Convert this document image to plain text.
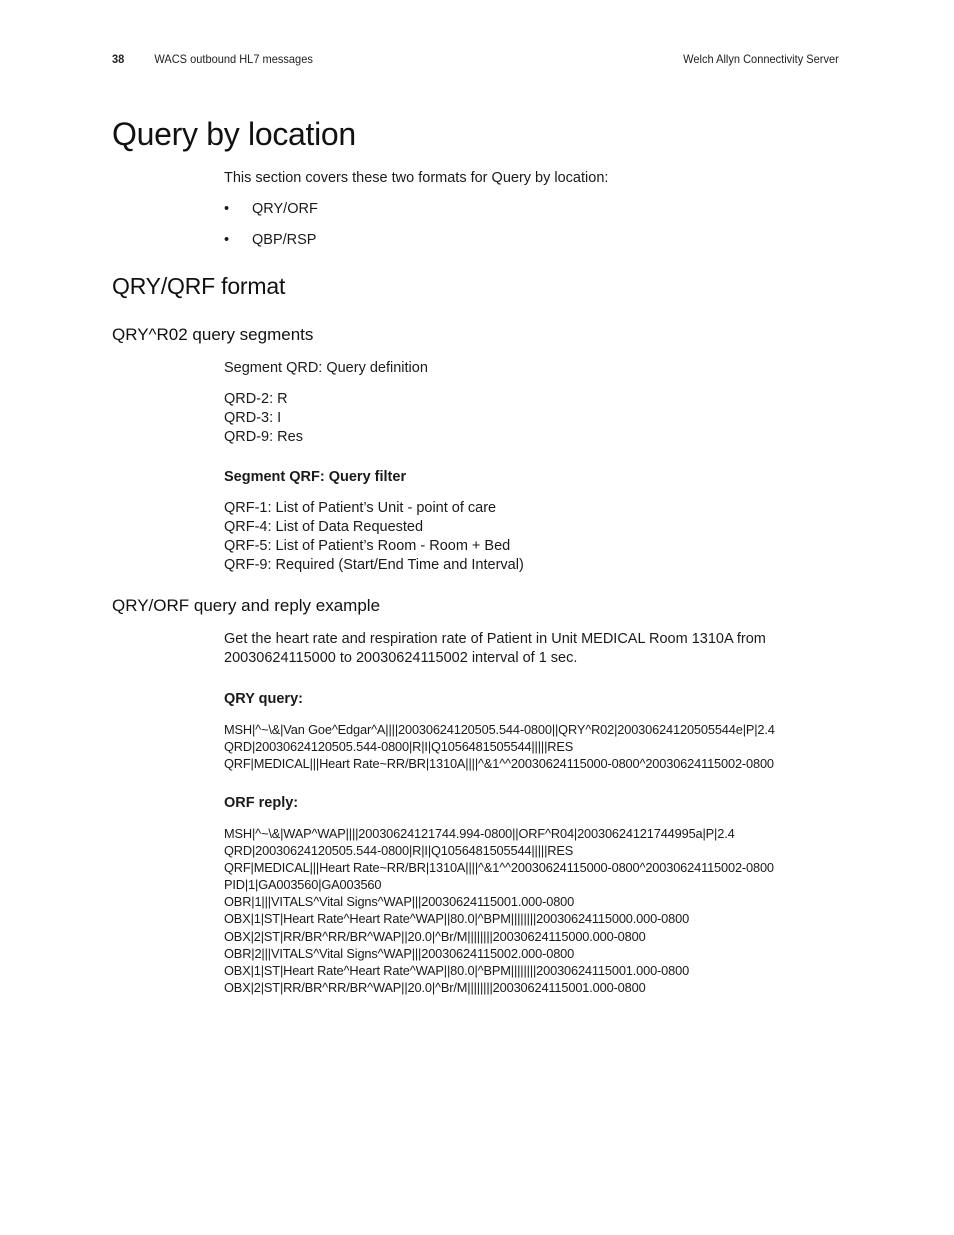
38	WACS outbound HL7 messages	Welch Allyn Connectivity Server
Query by location
This section covers these two formats for Query by location:
• QRY/ORF
• QBP/RSP
QRY/QRF format
QRY^R02 query segments
Segment QRD: Query definition
QRD-2: R
QRD-3: I
QRD-9: Res
Segment QRF: Query filter
QRF-1: List of Patient’s Unit - point of care
QRF-4: List of Data Requested
QRF-5: List of Patient’s Room - Room + Bed
QRF-9: Required (Start/End Time and Interval)
QRY/ORF query and reply example
Get the heart rate and respiration rate of Patient in Unit MEDICAL Room 1310A from
20030624115000 to 20030624115002 interval of 1 sec.
QRY query:
MSH|^~\&|Van Goe^Edgar^A||||20030624120505.544-0800||QRY^R02|20030624120505544e|P|2.4
QRD|20030624120505.544-0800|R|I|Q1056481505544|||||RES
QRF|MEDICAL|||Heart Rate~RR/BR|1310A||||^&1^^20030624115000-0800^20030624115002-0800
ORF reply:
MSH|^~\&|WAP^WAP||||20030624121744.994-0800||ORF^R04|20030624121744995a|P|2.4
QRD|20030624120505.544-0800|R|I|Q1056481505544|||||RES
QRF|MEDICAL|||Heart Rate~RR/BR|1310A||||^&1^^20030624115000-0800^20030624115002-0800
PID|1|GA003560|GA003560
OBR|1|||VITALS^Vital Signs^WAP|||20030624115001.000-0800
OBX|1|ST|Heart Rate^Heart Rate^WAP||80.0|^BPM||||||||20030624115000.000-0800
OBX|2|ST|RR/BR^RR/BR^WAP||20.0|^Br/M||||||||20030624115000.000-0800
OBR|2|||VITALS^Vital Signs^WAP|||20030624115002.000-0800
OBX|1|ST|Heart Rate^Heart Rate^WAP||80.0|^BPM||||||||20030624115001.000-0800
OBX|2|ST|RR/BR^RR/BR^WAP||20.0|^Br/M||||||||20030624115001.000-0800
